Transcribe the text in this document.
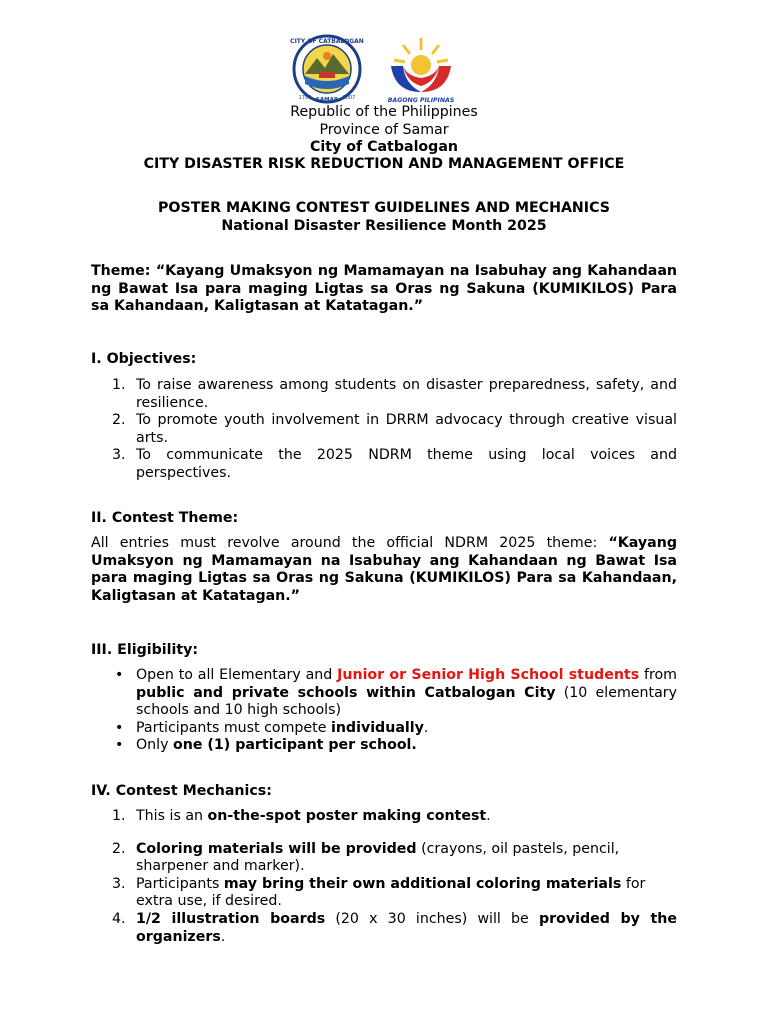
CITY OF CATBALOGAN
1708 SAMAR 2007	BAGONG PILIPINAS
Republic of the Philippines
Province of Samar
City of Catbalogan
CITY DISASTER RISK REDUCTION AND MANAGEMENT OFFICE
POSTER MAKING CONTEST GUIDELINES AND MECHANICS
National Disaster Resilience Month 2025
Theme: “Kayang Umaksyon ng Mamamayan na Isabuhay ang Kahandaan ng Bawat Isa para maging Ligtas sa Oras ng Sakuna (KUMIKILOS) Para sa Kahandaan, Kaligtasan at Katatagan.”
I. Objectives:
1. To raise awareness among students on disaster preparedness, safety, and resilience.
2. To promote youth involvement in DRRM advocacy through creative visual arts.
3. To communicate the 2025 NDRM theme using local voices and perspectives.
II. Contest Theme:
All entries must revolve around the official NDRM 2025 theme: “Kayang Umaksyon ng Mamamayan na Isabuhay ang Kahandaan ng Bawat Isa para maging Ligtas sa Oras ng Sakuna (KUMIKILOS) Para sa Kahandaan, Kaligtasan at Katatagan.”
III. Eligibility:
• Open to all Elementary and Junior or Senior High School students from public and private schools within Catbalogan City (10 elementary schools and 10 high schools)
• Participants must compete individually.
• Only one (1) participant per school.
IV. Contest Mechanics:
1. This is an on-the-spot poster making contest.
2. Coloring materials will be provided (crayons, oil pastels, pencil, sharpener and marker).
3. Participants may bring their own additional coloring materials for extra use, if desired.
4. 1/2 illustration boards (20 x 30 inches) will be provided by the organizers.
